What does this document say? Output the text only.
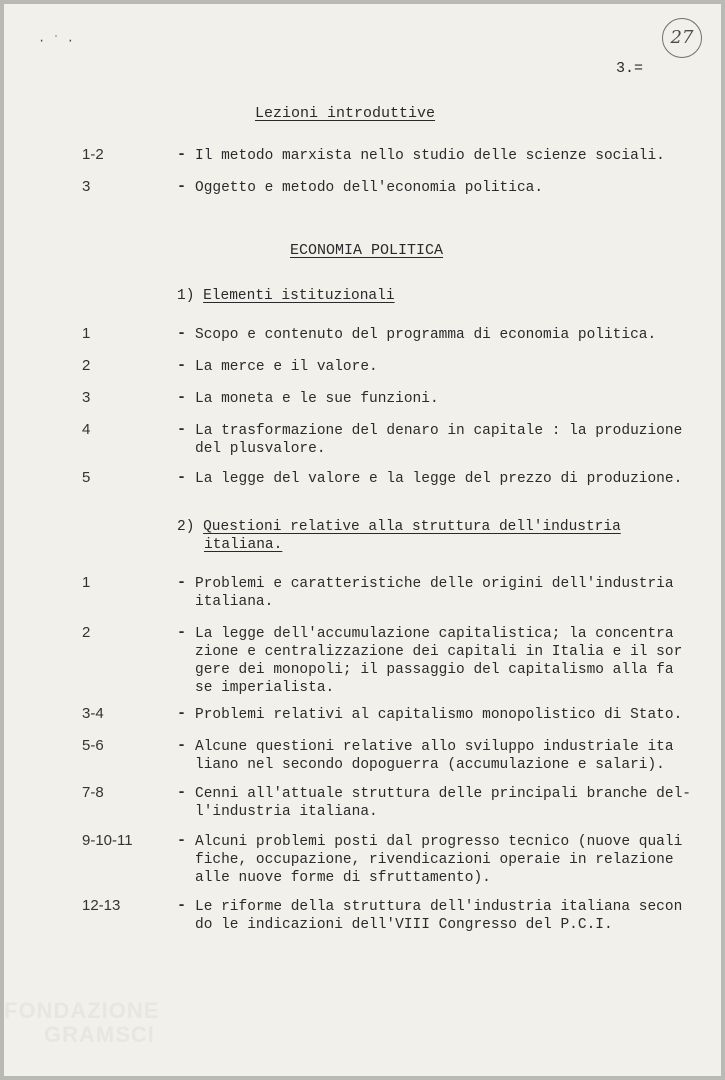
· ˙ ·	27
3.=
Lezioni introduttive
1-2	- Il metodo marxista nello studio delle scienze sociali.
3	- Oggetto e metodo dell'economia politica.
ECONOMIA POLITICA
1) Elementi istituzionali
1	- Scopo e contenuto del programma di economia politica.
2	- La merce e il valore.
3	- La moneta e le sue funzioni.
4	- La trasformazione del denaro in capitale : la produzione
del plusvalore.
5	- La legge del valore e la legge del prezzo di produzione.
2) Questioni relative alla struttura dell'industria
italiana.
1	- Problemi e caratteristiche delle origini dell'industria
italiana.
2	- La legge dell'accumulazione capitalistica; la concentra
zione e centralizzazione dei capitali in Italia e il sor
gere dei monopoli; il passaggio del capitalismo alla fa
se imperialista.
3-4	- Problemi relativi al capitalismo monopolistico di Stato.
5-6	- Alcune questioni relative allo sviluppo industriale ita
liano nel secondo dopoguerra (accumulazione e salari).
7-8	- Cenni all'attuale struttura delle principali branche del-
l'industria italiana.
9-10-11	- Alcuni problemi posti dal progresso tecnico (nuove quali
fiche, occupazione, rivendicazioni operaie in relazione
alle nuove forme di sfruttamento).
12-13	- Le riforme della struttura dell'industria italiana secon
do le indicazioni dell'VIII Congresso del P.C.I.
FONDAZIONE
GRAMSCI
